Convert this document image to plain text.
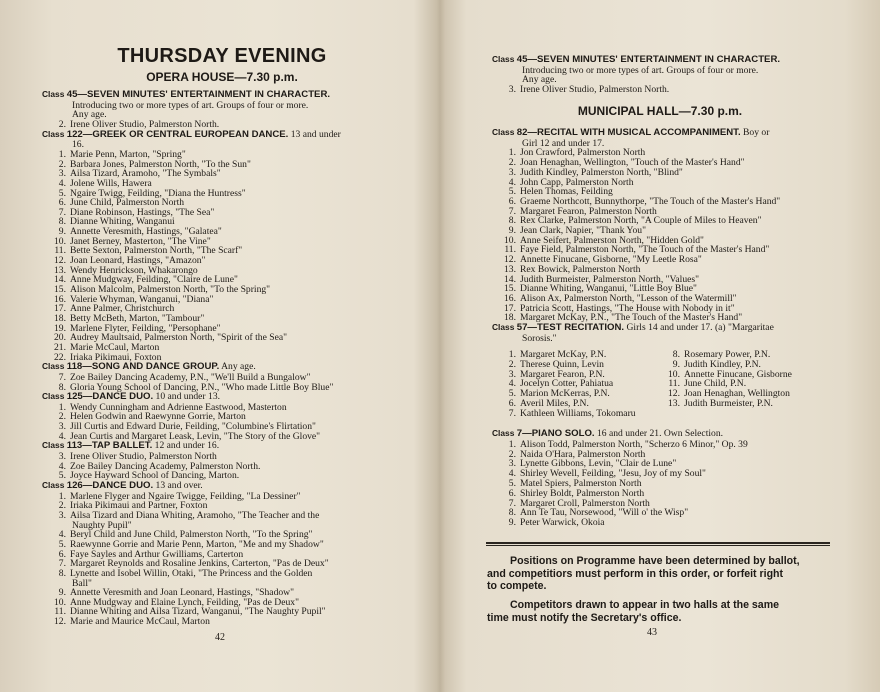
THURSDAY EVENING
OPERA HOUSE—7.30 p.m.
Class 45—SEVEN MINUTES' ENTERTAINMENT IN CHARACTER.
Introducing two or more types of art. Groups of four or more.
Any age.
2. Irene Oliver Studio, Palmerston North.
Class 122—GREEK OR CENTRAL EUROPEAN DANCE. 13 and under
16.
1. Marie Penn, Marton, "Spring"
2. Barbara Jones, Palmerston North, "To the Sun"
3. Ailsa Tizard, Aramoho, "The Symbals"
4. Jolene Wills, Hawera
5. Ngaire Twigg, Feilding, "Diana the Huntress"
6. June Child, Palmerston North
7. Diane Robinson, Hastings, "The Sea"
8. Dianne Whiting, Wanganui
9. Annette Veresmith, Hastings, "Galatea"
10. Janet Berney, Masterton, "The Vine"
11. Bette Sexton, Palmerston North, "The Scarf"
12. Joan Leonard, Hastings, "Amazon"
13. Wendy Henrickson, Whakarongo
14. Anne Mudgway, Feilding, "Claire de Lune"
15. Alison Malcolm, Palmerston North, "To the Spring"
16. Valerie Whyman, Wanganui, "Diana"
17. Anne Palmer, Christchurch
18. Betty McBeth, Marton, "Tambour"
19. Marlene Flyter, Feilding, "Persophane"
20. Audrey Maultsaid, Palmerston North, "Spirit of the Sea"
21. Marie McCaul, Marton
22. Iriaka Pikimaui, Foxton
Class 118—SONG AND DANCE GROUP. Any age.
7. Zoe Bailey Dancing Academy, P.N., "We'll Build a Bungalow"
8. Gloria Young School of Dancing, P.N., "Who made Little Boy Blue"
Class 125—DANCE DUO. 10 and under 13.
1. Wendy Cunningham and Adrienne Eastwood, Masterton
2. Helen Godwin and Raewynne Gorrie, Marton
3. Jill Curtis and Edward Durie, Feilding, "Columbine's Flirtation"
4. Jean Curtis and Margaret Leask, Levin, "The Story of the Glove"
Class 113—TAP BALLET. 12 and under 16.
3. Irene Oliver Studio, Palmerston North
4. Zoe Bailey Dancing Academy, Palmerston North.
5. Joyce Hayward School of Dancing, Marton.
Class 126—DANCE DUO. 13 and over.
1. Marlene Flyger and Ngaire Twigge, Feilding, "La Dessiner"
2. Iriaka Pikimaui and Partner, Foxton
3. Ailsa Tizard and Diana Whiting, Aramoho, "The Teacher and the
Naughty Pupil"
4. Beryl Child and June Child, Palmerston North, "To the Spring"
5. Raewynne Gorrie and Marie Penn, Marton, "Me and my Shadow"
6. Faye Sayles and Arthur Gwilliams, Carterton
7. Margaret Reynolds and Rosaline Jenkins, Carterton, "Pas de Deux"
8. Lynette and Isobel Willin, Otaki, "The Princess and the Golden
Ball"
9. Annette Veresmith and Joan Leonard, Hastings, "Shadow"
10. Anne Mudgway and Elaine Lynch, Feilding, "Pas de Deux"
11. Dianne Whiting and Ailsa Tizard, Wanganui, "The Naughty Pupil"
12. Marie and Maurice McCaul, Marton
42
Class 45—SEVEN MINUTES' ENTERTAINMENT IN CHARACTER.
Introducing two or more types of art. Groups of four or more.
Any age.
3. Irene Oliver Studio, Palmerston North.
MUNICIPAL HALL—7.30 p.m.
Class 82—RECITAL WITH MUSICAL ACCOMPANIMENT. Boy or
Girl 12 and under 17.
1. Jon Crawford, Palmerston North
2. Joan Henaghan, Wellington, "Touch of the Master's Hand"
3. Judith Kindley, Palmerston North, "Blind"
4. John Capp, Palmerston North
5. Helen Thomas, Feilding
6. Graeme Northcott, Bunnythorpe, "The Touch of the Master's Hand"
7. Margaret Fearon, Palmerston North
8. Rex Clarke, Palmerston North, "A Couple of Miles to Heaven"
9. Jean Clark, Napier, "Thank You"
10. Anne Seifert, Palmerston North, "Hidden Gold"
11. Faye Field, Palmerston North, "The Touch of the Master's Hand"
12. Annette Finucane, Gisborne, "My Leetle Rosa"
13. Rex Bowick, Palmerston North
14. Judith Burmeister, Palmerston North, "Values"
15. Dianne Whiting, Wanganui, "Little Boy Blue"
16. Alison Ax, Palmerston North, "Lesson of the Watermill"
17. Patricia Scott, Hastings, "The House with Nobody in it"
18. Margaret McKay, P.N., "The Touch of the Master's Hand"
Class 57—TEST RECITATION. Girls 14 and under 17. (a) "Margaritae
Sorosis."
1. Margaret McKay, P.N.
2. Therese Quinn, Levin
3. Margaret Fearon, P.N.
4. Jocelyn Cotter, Pahiatua
5. Marion McKerras, P.N.
6. Averil Miles, P.N.
7. Kathleen Williams, Tokomaru
8. Rosemary Power, P.N.
9. Judith Kindley, P.N.
10. Annette Finucane, Gisborne
11. June Child, P.N.
12. Joan Henaghan, Wellington
13. Judith Burmeister, P.N.
Class 7—PIANO SOLO. 16 and under 21. Own Selection.
1. Alison Todd, Palmerston North, "Scherzo 6 Minor," Op. 39
2. Naida O'Hara, Palmerston North
3. Lynette Gibbons, Levin, "Clair de Lune"
4. Shirley Wevell, Feilding, "Jesu, Joy of my Soul"
5. Matel Spiers, Palmerston North
6. Shirley Boldt, Palmerston North
7. Margaret Croll, Palmerston North
8. Ann Te Tau, Norsewood, "Will o' the Wisp"
9. Peter Warwick, Okoia
Positions on Programme have been determined by ballot,
and competitiors must perform in this order, or forfeit right
to compete.
Competitors drawn to appear in two halls at the same
time must notify the Secretary's office.
43
